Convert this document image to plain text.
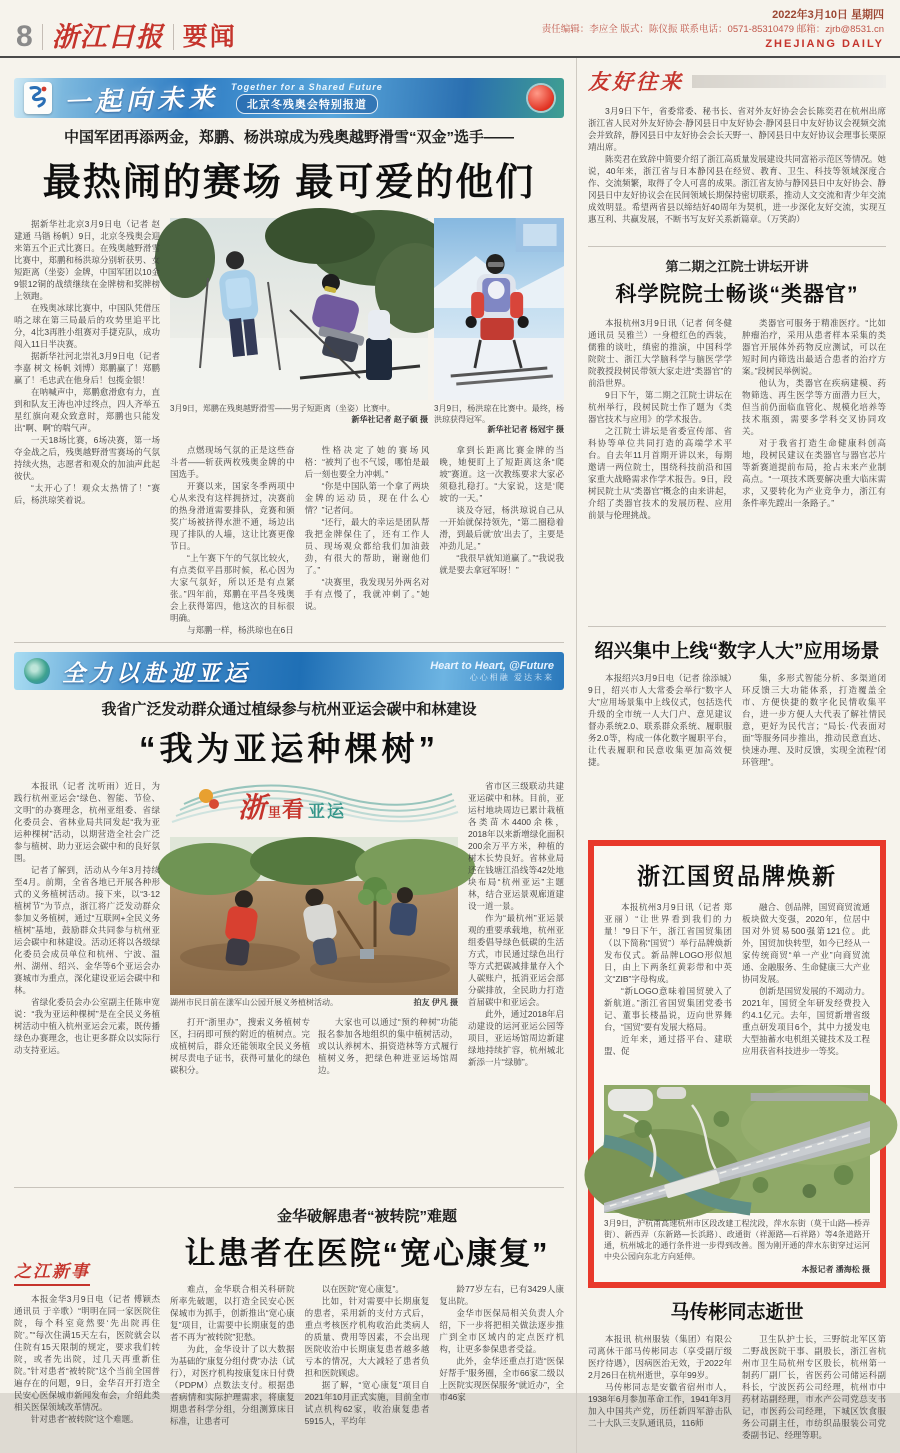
8 浙江日报 要闻
2022年3月10日 星期四
责任编辑：李应全 版式：陈仪振 联系电话：0571-85310479 邮箱：zjrb@8531.cn
ZHEJIANG DAILY
一起向未来 Together for a Shared Future
北京冬残奥会特别报道
中国军团再添两金，郑鹏、杨洪琼成为残奥越野滑雪“双金”选手——
最热闹的赛场 最可爱的他们

据新华社北京3月9日电（记者 赵建通 马锴 杨帆）9日，北京冬残奥会迎来第五个正式比赛日。在残奥越野滑雪比赛中，郑鹏和杨洪琼分别斩获男、女短距离（坐姿）金牌，中国军团以10金9银12铜的战绩继续在金牌榜和奖牌榜上领跑。

在残奥冰球比赛中，中国队凭借压哨之球在第三局最后的攻势里追平比分，4比3再胜小组赛对手捷克队，成功闯入11日半决赛。

据新华社河北崇礼3月9日电（记者 李嘉 树文 杨帆 刘博）郑鹏赢了！郑鹏赢了！毛忠武在他身后！包揽金银！

在呐喊声中，郑鹏愈滑愈有力，直到和队友王涛也冲过终点，四人齐举五星红旗向观众致意时，郑鹏也只能发出“啊、啊”的喘气声。

一天18场比赛，6场决赛，第一场夺金战之后，残奥越野滑雪赛场的气氛持续火热，志愿者和观众的加油声此起彼伏。

“太开心了！观众太热情了！”赛后，杨洪琼笑着说。

3月9日，郑鹏在残奥越野滑雪——男子短距离（坐姿）比赛中。
新华社记者 赵子硕 摄
3月9日，杨洪琼在比赛中。最终，杨洪琼获得冠军。
新华社记者 杨冠宇 摄

点燃现场气氛的正是这些奋斗者——斩获两枚残奥金牌的中国选手。

开赛以来，国家冬季两项中心从来没有这样拥挤过，决赛前的热身滑道需要排队，竞赛和颁奖广场被挤得水泄不通，场边出现了排队的人墙，这让比赛更像节日。

“上午赛下午的气氛比较火，有点类似平昌那时候，私心因为大家气氛好，所以还是有点紧张。”四年前，郑鹏在平昌冬残奥会上获得第四，他这次的目标很明确。

与郑鹏一样，杨洪琼也在6日

性格决定了她的赛场风格：“被判了也不气馁，哪怕是最后一刻也要全力冲刺。”

“你是中国队第一个拿了两块金牌的运动员，现在什么心情？”记者问。

“还行，最大的幸运是团队帮我把金牌保住了，还有工作人员、现场观众都给我们加油鼓劲，有很大的帮助，谢谢他们了。”

“决赛里，我发现另外两名对手有点慢了，我就冲刺了。”她说。

拿到长距离比赛金牌的当晚，她便盯上了短距离这条“爬坡”赛道。这一次教练要求大家必须稳扎稳打。“大家说，这是‘爬坡’的一天。”

谈及夺冠，杨洪琼说自己从一开始就保持领先，“第二圈稳着滑，到最后就‘放’出去了，主要是冲劲儿足。”

“我很早就知道赢了。”“我说我就是要去拿冠军呀！”

全力以赴迎亚运	Heart to Heart, @Future
心心相融 爱达未来
我省广泛发动群众通过植绿参与杭州亚运会碳中和林建设
“我为亚运种棵树”

本报讯（记者 沈听雨）近日，为践行杭州亚运会“绿色、智能、节俭、文明”的办赛理念，杭州亚组委、省绿化委员会、省林业局共同发起“我为亚运种棵树”活动，以期营造全社会广泛参与植树、助力亚运会碳中和的良好氛围。

记者了解到，活动从今年3月持续至4月。前期，全省各地已开展各种形式的义务植树活动。接下来，以“3·12植树节”为节点，浙江将广泛发动群众参加义务植树，通过“互联网+全民义务植树”基地，鼓励群众共同参与杭州亚运会碳中和林建设。活动还将以各级绿化委员会成员单位和杭州、宁波、温州、湖州、绍兴、金华等6个亚运会办赛城市为重点，深化建设亚运会碳中和林。

省绿化委员会办公室副主任陈申宽说：“我为亚运种棵树”是在全民义务植树活动中植入杭州亚运会元素，既传播绿色办赛理念，也让更多群众以实际行动支持亚运。

浙 里 看 亚运
湖州市民日前在漾军山公园开展义务植树活动。	拍友 伊凡 摄

打开“浙里办”，搜索义务植树专区，扫码即可预约附近的植树点。完成植树后，群众还能领取全民义务植树尽责电子证书，获得可量化的绿色碳积分。

大家也可以通过“预约种树”功能报名参加各地组织的集中植树活动，或以认养树木、捐资造林等方式履行植树义务，把绿色种进亚运场馆周边。

省市区三级联动共建亚运碳中和林。目前，亚运村地块周边已累计栽植各类苗木4400余株，2018年以来新增绿化面积200余万平方米，种植的树木长势良好。省林业局还在钱塘江沿线等42处地块布局“杭州亚运”主题林，结合亚运景观廊道建设一道一景。

作为“最杭州”亚运景观的重要承载地，杭州亚组委倡导绿色低碳的生活方式，市民通过绿色出行等方式把碳减排量存入个人碳账户，抵消亚运会部分碳排放，全民助力打造首届碳中和亚运会。

此外，通过2018年启动建设的运河亚运公园等项目，亚运场馆周边新建绿地持续扩容，杭州城北新添一片“绿肺”。

之江新事

本报金华3月9日电（记者 傅颖杰 通讯员 于辛歌）“明明在同一家医院住院，每个科室竟然要‘先出院再住院’。”“每次住满15天左右，医院就会以住院有15天限制的规定，要求我们转院，或者先出院，过几天再重新住院。”针对患者“被转院”这个当前全国普遍存在的问题，9日，金华召开打造全民安心医保城市新闻发布会，介绍此类相关医保领域改革情况。

针对患者“被转院”这个难题。

金华破解患者“被转院”难题
让患者在医院“宽心康复”

难点，金华联合相关科研院所率先破题，以打造全民安心医保城市为抓手，创新推出“宽心康复”项目，让需要中长期康复的患者不再为“被转院”犯愁。

为此，金华设计了以大数据为基础的“康复分组付费”办法（试行），对医疗机构按康复床日付费（PDPM）点数法支付。根据患者病情和实际护理需求，将康复期患者科学分组，分组测算床日标准，让患者可

以在医院“宽心康复”。

比如，针对需要中长期康复的患者，采用新的支付方式后，重点考核医疗机构收治此类病人的质量、费用等因素，不会出现医院收治中长期康复患者越多越亏本的情况，大大减轻了患者负担和医院顾虑。

据了解，“宽心康复”项目自2021年10月正式实施，目前全市试点机构62家，收治康复患者5915人，平均年

龄77岁左右，已有3429人康复出院。

金华市医保局相关负责人介绍，下一步将把相关做法逐步推广到全市区域内的定点医疗机构，让更多参保患者受益。

此外，金华还重点打造“医保好帮手”服务圈，全市66家二级以上医院实现医保服务“就近办”，全市46家

友好往来

3月9日下午，省委常委、秘书长、省对外友好协会会长陈奕君在杭州出席浙江省人民对外友好协会·静冈县日中友好协会·静冈县日中友好协议会视频交流会并致辞，静冈县日中友好协会会长天野一、静冈县日中友好协议会理事长栗原靖出席。

陈奕君在致辞中简要介绍了浙江高质量发展建设共同富裕示范区等情况。她说，40年来，浙江省与日本静冈县在经贸、教育、卫生、科技等领域深度合作、交流频繁，取得了令人可喜的成果。浙江省友协与静冈县日中友好协会、静冈县日中友好协议会在民间领域长期保持密切联系，推动人文交流和青少年交流成效明显。希望两省县以缔结好40周年为契机，进一步深化友好交流，实现互惠互利、共赢发展，不断书写友好关系新篇章。（万笑韵）

第二期之江院士讲坛开讲
科学院院士畅谈“类器官”

本报杭州3月9日讯（记者 何冬健 通讯员 吴雅兰）一身橙红色的西装，儒雅的谈吐，缜密的推演，中国科学院院士、浙江大学脑科学与脑医学学院教授段树民带领大家走进“类器官”的前沿世界。

9日下午，第二期之江院士讲坛在杭州举行，段树民院士作了题为《类器官技术与应用》的学术报告。

之江院士讲坛是省委宣传部、省科协等单位共同打造的高端学术平台。自去年11月首期开讲以来，每期邀请一两位院士，围绕科技前沿和国家重大战略需求作学术报告。9日，段树民院士从“类器官”概念的由来讲起，介绍了类器官技术的发展历程、应用前景与伦理挑战。

类器官可服务于精准医疗。“比如肿瘤治疗，采用从患者样本采集的类器官开展体外药物反应测试，可以在短时间内筛选出最适合患者的治疗方案。”段树民举例说。

他认为，类器官在疾病建模、药物筛选、再生医学等方面潜力巨大，但当前仍面临血管化、规模化培养等技术瓶颈，需要多学科交叉协同攻关。

对于我省打造生命健康科创高地，段树民建议在类器官与器官芯片等新赛道提前布局，抢占未来产业制高点。“一项技术既要解决重大临床需求，又要转化为产业竞争力，浙江有条件率先蹚出一条路子。”

绍兴集中上线“数字人大”应用场景

本报绍兴3月9日电（记者 徐添城）9日，绍兴市人大常委会举行“数字人大”应用场景集中上线仪式，包括迭代升级的全市统一人大门户、意见建议督办系统2.0、联系群众系统、履职服务2.0等，构成一体化数字履职平台，让代表履职和民意收集更加高效便捷。

集，多形式智能分析、多渠道闭环反馈三大功能体系，打造覆盖全市、方便快捷的数字化民情收集平台，进一步方便人大代表了解社情民意，更好为民代言；“局长·代表面对面”等服务同步推出，推动民意直达、快速办理、及时反馈，实现全流程“闭环管理”。

浙江国贸品牌焕新

本报杭州3月9日讯（记者 郑亚丽）“让世界看到我们的力量！”9日下午，浙江省国贸集团（以下简称“国贸”）举行品牌焕新发布仪式。新品牌LOGO形似旭日，由上下两条红黄彩带和中英文“ZIB”字母构成。

“新LOGO意味着国贸驶入了新航道。”浙江省国贸集团党委书记、董事长楼晶说，迈向世界舞台，“国贸”要有发展大格局。

近年来，通过搭平台、建联盟、促

融合、创品牌，国贸商贸流通板块做大变强，2020年，位居中国对外贸易500强第121位。此外，国贸加快转型，如今已经从一家传统商贸“单一产业”向商贸流通、金融服务、生命健康三大产业协同发展。

创新是国贸发展的不竭动力。2021年，国贸全年研发经费投入约4.1亿元。去年，国贸新增省级重点研发项目6个，其中力援发电大型抽蓄水电机组关键技术及工程应用获省科技进步一等奖。

3月9日，沪杭甬高速杭州市区段改建工程沈段，萍水东街（莫干山路—桥弄街）、新西弄（东新路—长浜路）、政通街（祥源路—石祥路）等4条道路开通，杭州城北的通行条件进一步得到改善。图为刚开通的萍水东街穿过运河中央公园向东北方向延伸。
本报记者 潘海松 摄
马传彬同志逝世

本报讯 杭州服装（集团）有限公司离休干部马传彬同志（享受副厅级医疗待遇），因病医治无效，于2022年2月26日在杭州逝世，享年99岁。

马传彬同志是安徽省宿州市人，1938年6月参加革命工作，1941年3月加入中国共产党，历任新四军游击队二十大队三支队通讯员，116师

卫生队护士长，三野皖北军区第二野战医院干事、副股长，浙江省杭州市卫生局杭州专区股长，杭州第一制药厂副厂长，省医药公司储运科副科长，宁波医药公司经理，杭州市中药材站副经理，市水产公司党总支书记，市医药公司经理，下城区饮食服务公司副主任，市纺织品服装公司党委副书记、经理等职。
